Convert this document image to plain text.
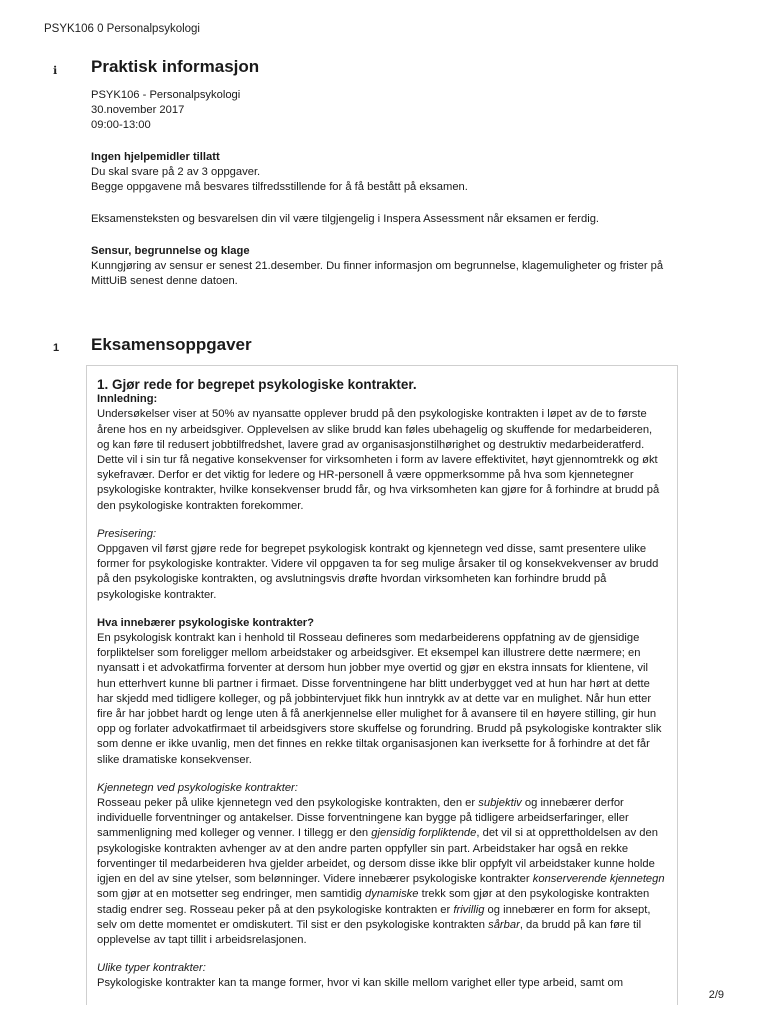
PSYK106 0 Personalpsykologi
ℹ Praktisk informasjon

PSYK106 - Personalpsykologi

30.november 2017

09:00-13:00

Ingen hjelpemidler tillatt

Du skal svare på 2 av 3 oppgaver.

Begge oppgavene må besvares tilfredsstillende for å få bestått på eksamen.

Eksamensteksten og besvarelsen din vil være tilgjengelig i Inspera Assessment når eksamen er ferdig.

Sensur, begrunnelse og klage

Kunngjøring av sensur er senest 21.desember. Du finner informasjon om begrunnelse, klagemuligheter og frister på MittUiB senest denne datoen.

1 Eksamensoppgaver

1. Gjør rede for begrepet psykologiske kontrakter.

Innledning:

Undersøkelser viser at 50% av nyansatte opplever brudd på den psykologiske kontrakten i løpet av de to første årene hos en ny arbeidsgiver. Opplevelsen av slike brudd kan føles ubehagelig og skuffende for medarbeideren, og kan føre til redusert jobbtilfredshet, lavere grad av organisasjonstilhørighet og destruktiv medarbeideratferd. Dette vil i sin tur få negative konsekvenser for virksomheten i form av lavere effektivitet, høyt gjennomtrekk og økt sykefravær. Derfor er det viktig for ledere og HR-personell å være oppmerksomme på hva som kjennetegner psykologiske kontrakter, hvilke konsekvenser brudd får, og hva virksomheten kan gjøre for å forhindre at brudd på den psykologiske kontrakten forekommer.

Presisering:

Oppgaven vil først gjøre rede for begrepet psykologisk kontrakt og kjennetegn ved disse, samt presentere ulike former for psykologiske kontrakter. Videre vil oppgaven ta for seg mulige årsaker til og konsekvekvenser av brudd på den psykologiske kontrakten, og avslutningsvis drøfte hvordan virksomheten kan forhindre brudd på psykologiske kontrakter.

Hva innebærer psykologiske kontrakter?

En psykologisk kontrakt kan i henhold til Rosseau defineres som medarbeiderens oppfatning av de gjensidige forpliktelser som foreligger mellom arbeidstaker og arbeidsgiver. Et eksempel kan illustrere dette nærmere; en nyansatt i et advokatfirma forventer at dersom hun jobber mye overtid og gjør en ekstra innsats for klientene, vil hun etterhvert kunne bli partner i firmaet. Disse forventningene har blitt underbygget ved at hun har hørt at dette har skjedd med tidligere kolleger, og på jobbintervjuet fikk hun inntrykk av at dette var en mulighet. Når hun etter fire år har jobbet hardt og lenge uten å få anerkjennelse eller mulighet for å avansere til en høyere stilling, gir hun opp og forlater advokatfirmaet til arbeidsgivers store skuffelse og forundring. Brudd på psykologiske kontrakter slik som denne er ikke uvanlig, men det finnes en rekke tiltak organisasjonen kan iverksette for å forhindre at det får slike dramatiske konsekvenser.

Kjennetegn ved psykologiske kontrakter:

Rosseau peker på ulike kjennetegn ved den psykologiske kontrakten, den er subjektiv og innebærer derfor individuelle forventninger og antakelser. Disse forventningene kan bygge på tidligere arbeidserfaringer, eller sammenligning med kolleger og venner. I tillegg er den gjensidig forpliktende, det vil si at opprettholdelsen av den psykologiske kontrakten avhenger av at den andre parten oppfyller sin part. Arbeidstaker har også en rekke forventinger til medarbeideren hva gjelder arbeidet, og dersom disse ikke blir oppfylt vil arbeidstaker kunne holde igjen en del av sine ytelser, som belønninger. Videre innebærer psykologiske kontrakter konserverende kjennetegn som gjør at en motsetter seg endringer, men samtidig dynamiske trekk som gjør at den psykologiske kontrakten stadig endrer seg. Rosseau peker på at den psykologiske kontrakten er frivillig og innebærer en form for aksept, selv om dette momentet er omdiskutert. Til sist er den psykologiske kontrakten sårbar, da brudd på kan føre til opplevelse av tapt tillit i arbeidsrelasjonen.

Ulike typer kontrakter:

Psykologiske kontrakter kan ta mange former, hvor vi kan skille mellom varighet eller type arbeid, samt om

2/9
